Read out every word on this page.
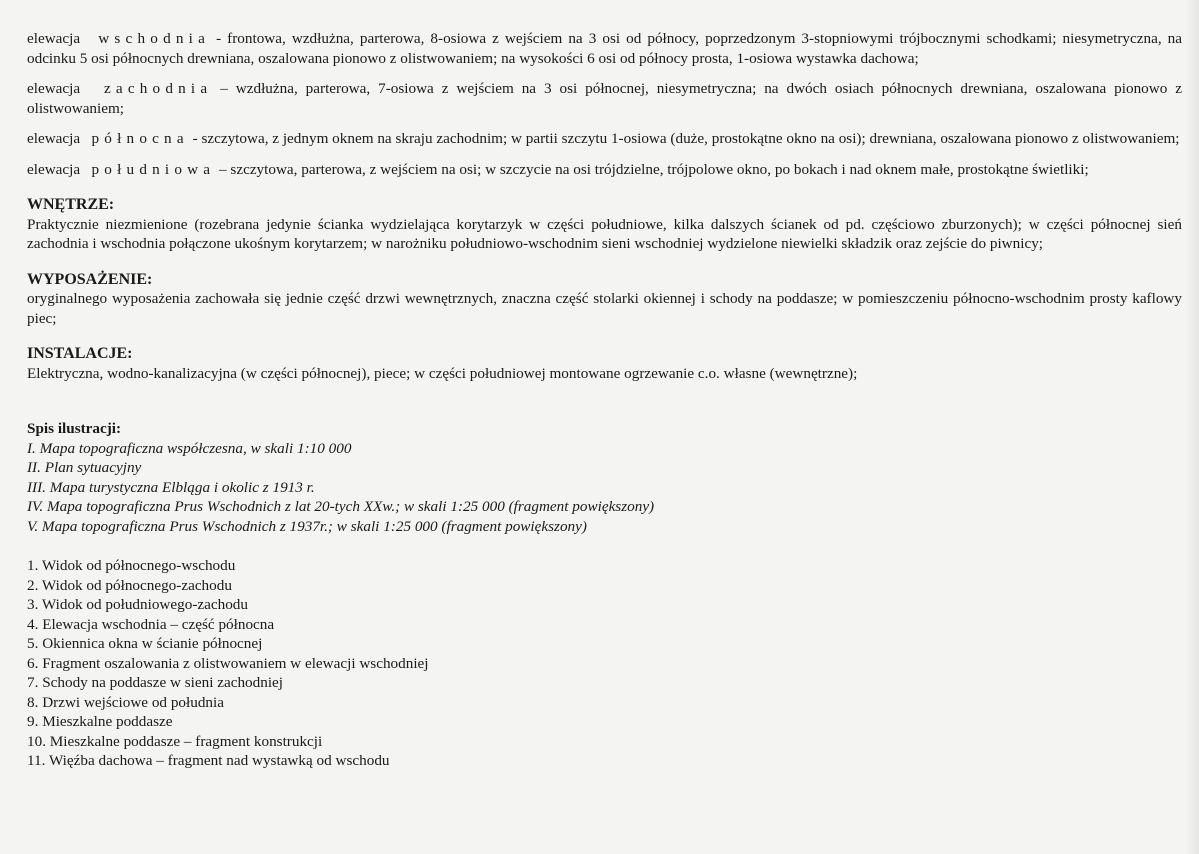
elewacja wschodnia - frontowa, wzdłużna, parterowa, 8-osiowa z wejściem na 3 osi od północy, poprzedzonym 3-stopniowymi trójbocznymi schodkami; niesymetryczna, na odcinku 5 osi północnych drewniana, oszalowana pionowo z olistwowaniem; na wysokości 6 osi od północy prosta, 1-osiowa wystawka dachowa;

elewacja zachodnia – wzdłużna, parterowa, 7-osiowa z wejściem na 3 osi północnej, niesymetryczna; na dwóch osiach północnych drewniana, oszalowana pionowo z olistwowaniem;

elewacja północna - szczytowa, z jednym oknem na skraju zachodnim; w partii szczytu 1-osiowa (duże, prostokątne okno na osi); drewniana, oszalowana pionowo z olistwowaniem;

elewacja południowa – szczytowa, parterowa, z wejściem na osi; w szczycie na osi trójdzielne, trójpolowe okno, po bokach i nad oknem małe, prostokątne świetliki;

WNĘTRZE:
Praktycznie niezmienione (rozebrana jedynie ścianka wydzielająca korytarzyk w części południowe, kilka dalszych ścianek od pd. częściowo zburzonych); w części północnej sień zachodnia i wschodnia połączone ukośnym korytarzem; w narożniku południowo-wschodnim sieni wschodniej wydzielone niewielki składzik oraz zejście do piwnicy;
WYPOSAŻENIE:
oryginalnego wyposażenia zachowała się jednie część drzwi wewnętrznych, znaczna część stolarki okiennej i schody na poddasze; w pomieszczeniu północno-wschodnim prosty kaflowy piec;
INSTALACJE:
Elektryczna, wodno-kanalizacyjna (w części północnej), piece; w części południowej montowane ogrzewanie c.o. własne (wewnętrzne);
Spis ilustracji:
I. Mapa topograficzna współczesna, w skali 1:10 000
II. Plan sytuacyjny
III. Mapa turystyczna Elbląga i okolic z 1913 r.
IV. Mapa topograficzna Prus Wschodnich z lat 20-tych XXw.; w skali 1:25 000 (fragment powiększony)
V. Mapa topograficzna Prus Wschodnich z 1937r.; w skali 1:25 000 (fragment powiększony)
1. Widok od północnego-wschodu
2. Widok od północnego-zachodu
3. Widok od południowego-zachodu
4. Elewacja wschodnia – część północna
5. Okiennica okna w ścianie północnej
6. Fragment oszalowania z olistwowaniem w elewacji wschodniej
7. Schody na poddasze w sieni zachodniej
8. Drzwi wejściowe od południa
9. Mieszkalne poddasze
10. Mieszkalne poddasze – fragment konstrukcji
11. Więźba dachowa – fragment nad wystawką od wschodu
